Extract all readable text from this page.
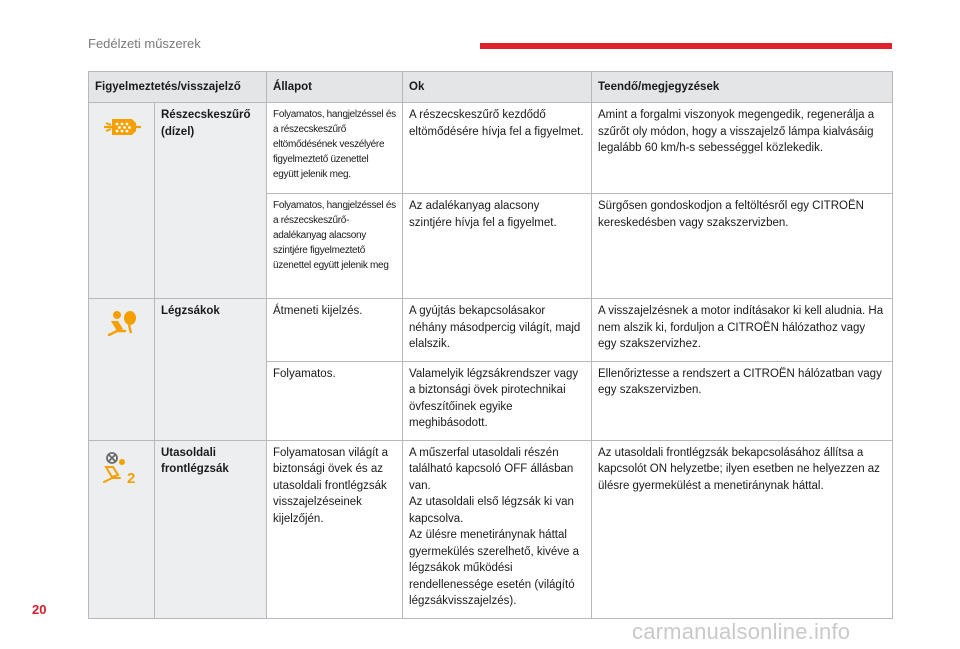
Fedélzeti műszerek
Figyelmeztetés/visszajelző		Állapot	Ok	Teendő/megjegyzések

	Részecskeszűrő (dízel)	Folyamatos, hangjelzéssel és a részecskeszűrő eltömődésének veszélyére figyelmeztető üzenettel együtt jelenik meg.	A részecskeszűrő kezdődő eltömődésére hívja fel a figyelmet.	Amint a forgalmi viszonyok megengedik, regenerálja a szűrőt oly módon, hogy a visszajelző lámpa kialvásáig legalább 60 km/h-s sebességgel közlekedik.
		Folyamatos, hangjelzéssel és a részecskeszűrő-adalékanyag alacsony szintjére figyelmeztető üzenettel együtt jelenik meg	Az adalékanyag alacsony szintjére hívja fel a figyelmet.	Sürgősen gondoskodjon a feltöltésről egy CITROËN kereskedésben vagy szakszervizben.

	Légzsákok	Átmeneti kijelzés.	A gyújtás bekapcsolásakor néhány másodpercig világít, majd elalszik.	A visszajelzésnek a motor indításakor ki kell aludnia. Ha nem alszik ki, forduljon a CITROËN hálózathoz vagy egy szakszervizhez.
		Folyamatos.	Valamelyik légzsákrendszer vagy a biztonsági övek pirotechnikai övfeszítőinek egyike meghibásodott.	Ellenőriztesse a rendszert a CITROËN hálózatban vagy egy szakszervizben.

2	Utasoldali frontlégzsák	Folyamatosan világít a biztonsági övek és az utasoldali frontlégzsák visszajelzéseinek kijelzőjén.	A műszerfal utasoldali részén található kapcsoló OFF állásban van.
Az utasoldali első légzsák ki van kapcsolva.
Az ülésre menetiránynak háttal gyermekülés szerelhető, kivéve a légzsákok működési rendellenessége esetén (világító légzsákvisszajelzés).	Az utasoldali frontlégzsák bekapcsolásához állítsa a kapcsolót ON helyzetbe; ilyen esetben ne helyezzen az ülésre gyermekülést a menetiránynak háttal.
20
carmanualsonline.info
